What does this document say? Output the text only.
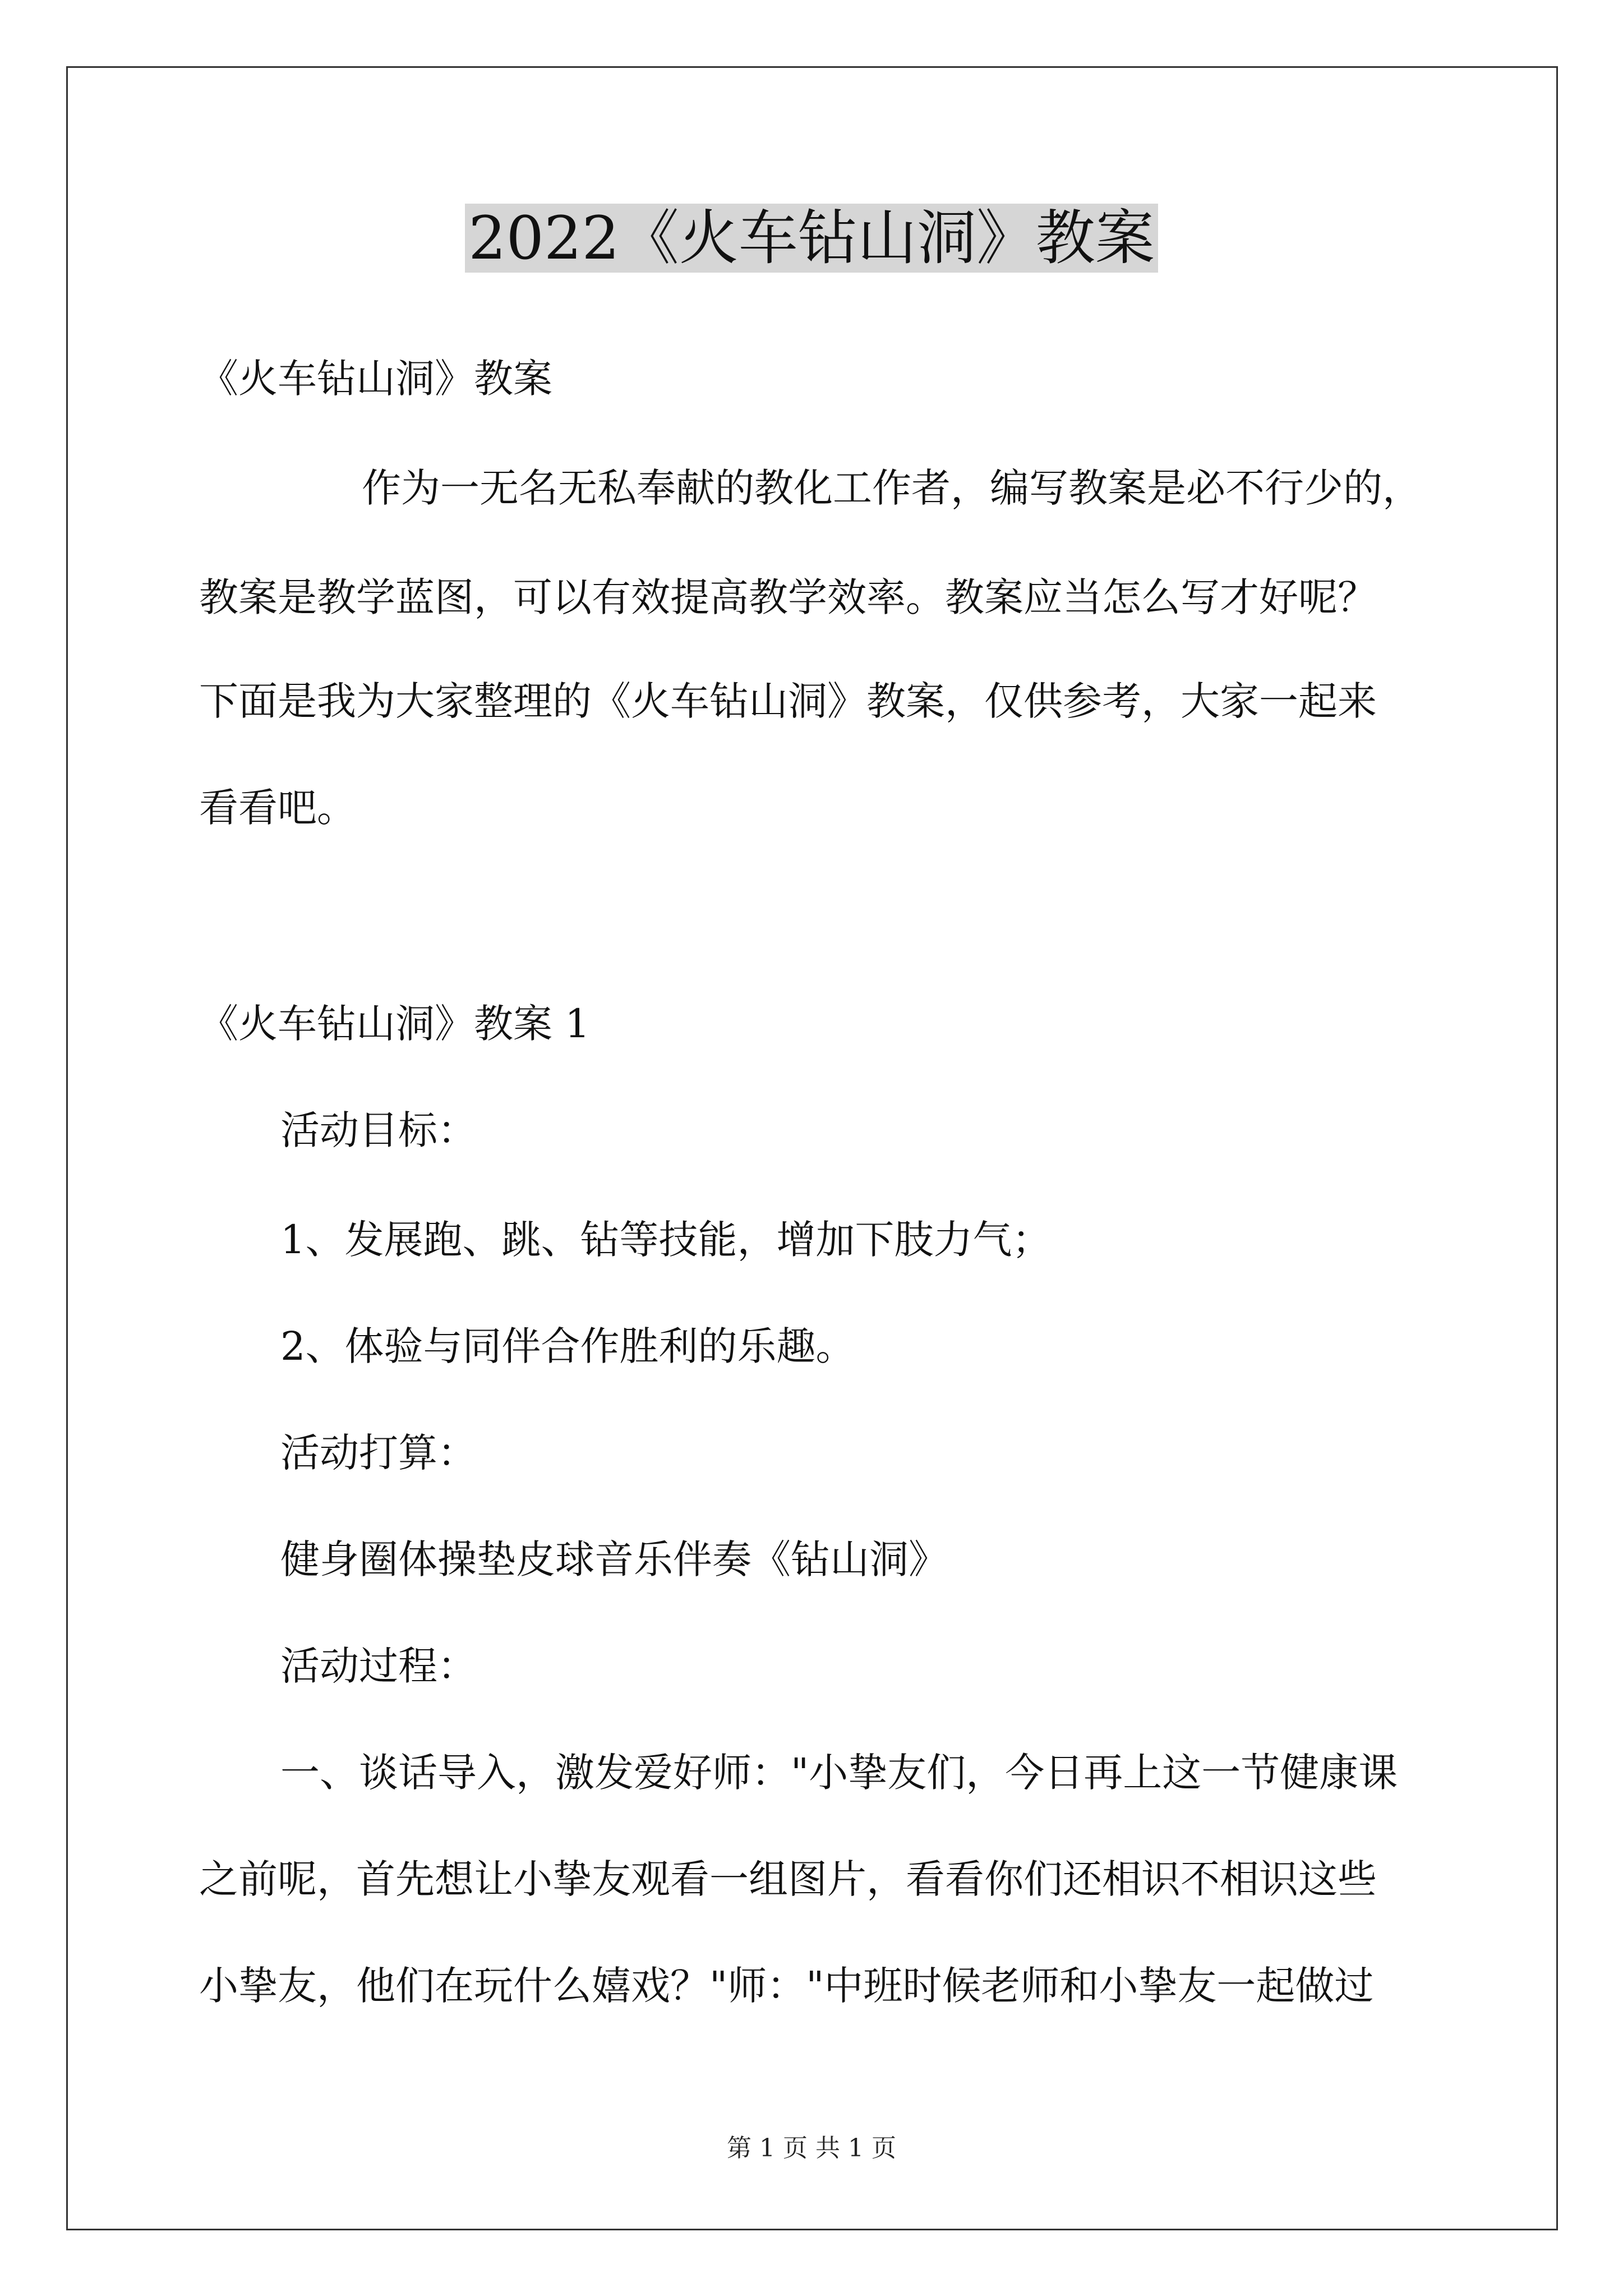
2022《火车钻山洞》教案
《火车钻山洞》教案
作为一无名无私奉献的教化工作者，编写教案是必不行少的，
教案是教学蓝图，可以有效提高教学效率。教案应当怎么写才好呢？
下面是我为大家整理的《火车钻山洞》教案，仅供参考，大家一起来
看看吧。
《火车钻山洞》教案 1
活动目标：
1、发展跑、跳、钻等技能，增加下肢力气；
2、体验与同伴合作胜利的乐趣。
活动打算：
健身圈体操垫皮球音乐伴奏《钻山洞》
活动过程：
一、谈话导入，激发爱好师："小挚友们，今日再上这一节健康课
之前呢，首先想让小挚友观看一组图片，看看你们还相识不相识这些
小挚友，他们在玩什么嬉戏？"师："中班时候老师和小挚友一起做过
第 1 页 共 1 页
